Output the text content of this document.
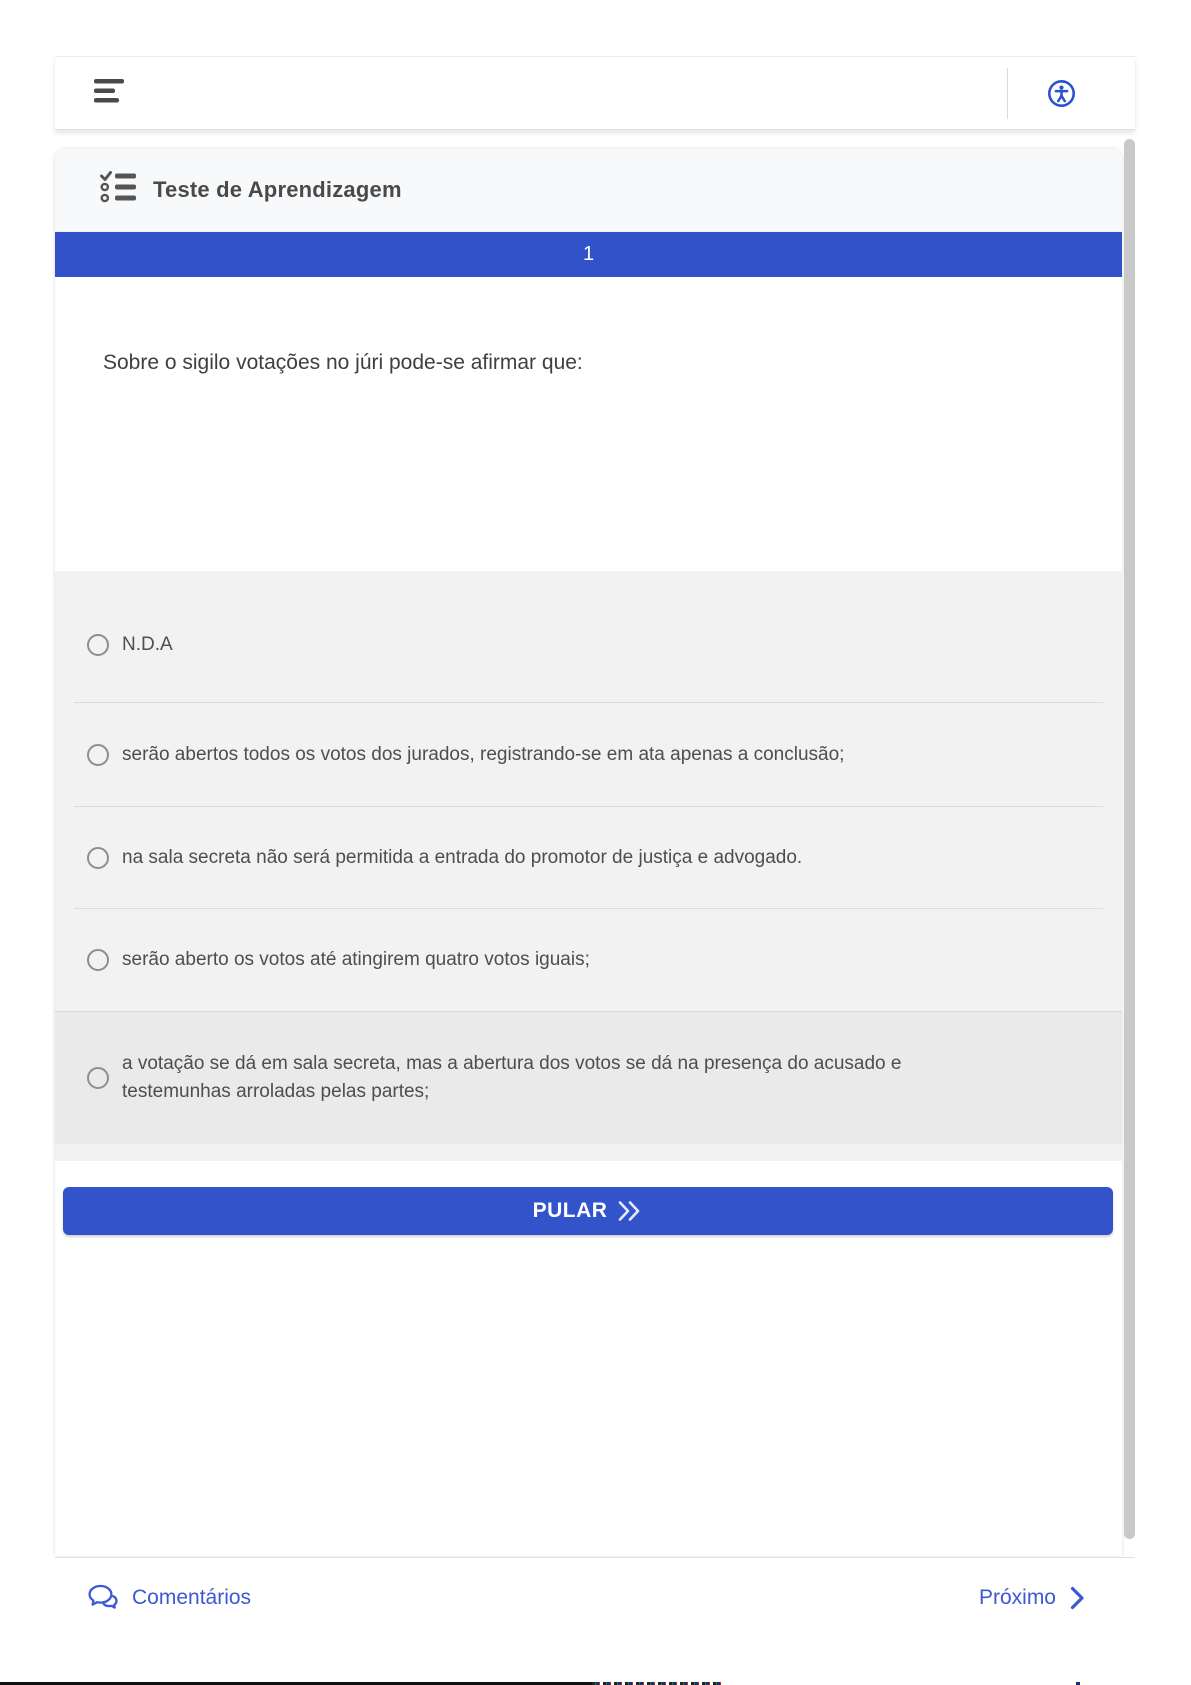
Teste de Aprendizagem
1

Sobre o sigilo votações no júri pode-se afirmar que:

N.D.A
serão abertos todos os votos dos jurados, registrando-se em ata apenas a conclusão;
na sala secreta não será permitida a entrada do promotor de justiça e advogado.
serão aberto os votos até atingirem quatro votos iguais;
a votação se dá em sala secreta, mas a abertura dos votos se dá na presença do acusado e testemunhas arroladas pelas partes;
PULAR
Comentários	Próximo
